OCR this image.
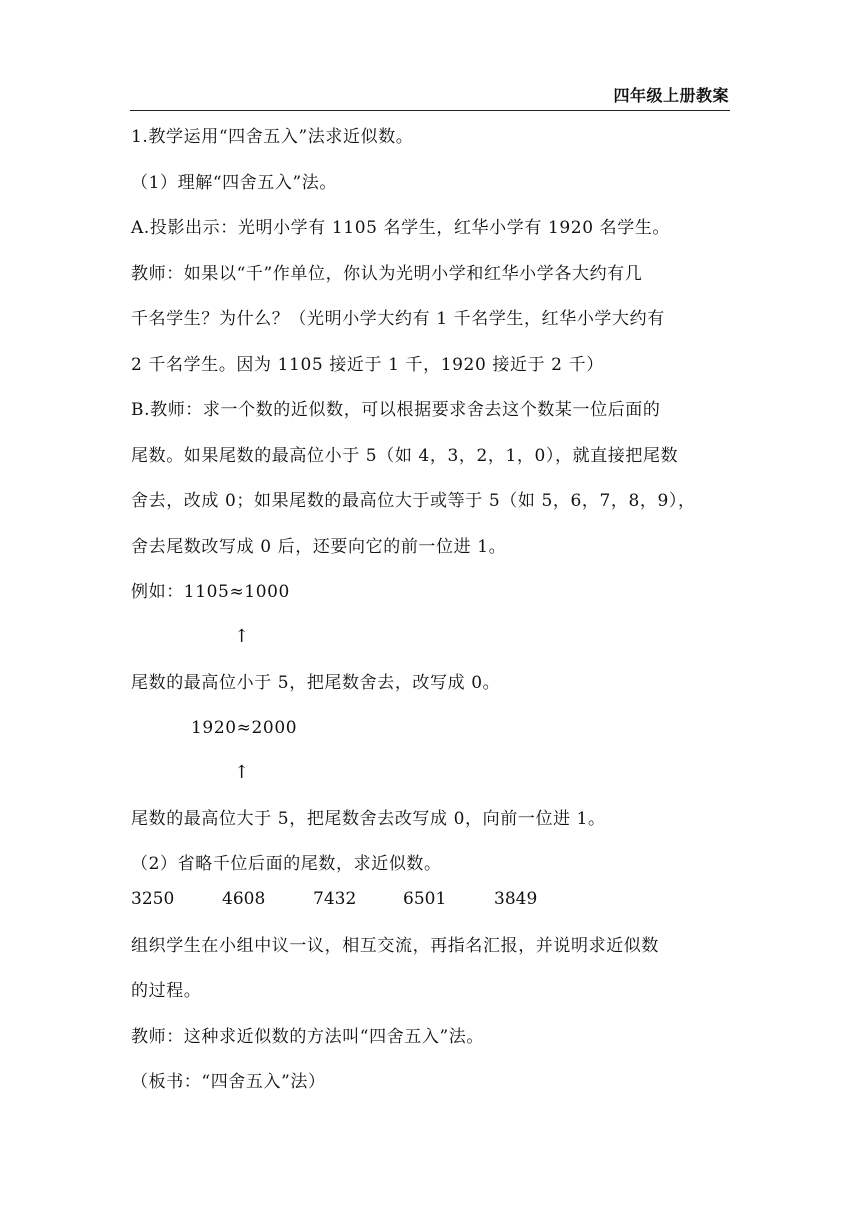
四年级上册教案
1.教学运用“四舍五入”法求近似数。
（1）理解“四舍五入”法。
A.投影出示：光明小学有 1105 名学生，红华小学有 1920 名学生。
教师：如果以“千”作单位，你认为光明小学和红华小学各大约有几
千名学生？为什么？（光明小学大约有 1 千名学生，红华小学大约有
2 千名学生。因为 1105 接近于 1 千，1920 接近于 2 千）
B.教师：求一个数的近似数，可以根据要求舍去这个数某一位后面的
尾数。如果尾数的最高位小于 5（如 4，3，2，1，0），就直接把尾数
舍去，改成 0；如果尾数的最高位大于或等于 5（如 5，6，7，8，9），
舍去尾数改写成 0 后，还要向它的前一位进 1。
例如：1105≈1000
↑
尾数的最高位小于 5，把尾数舍去，改写成 0。
1920≈2000
↑
尾数的最高位大于 5，把尾数舍去改写成 0，向前一位进 1。
（2）省略千位后面的尾数，求近似数。
3250	4608	7432	6501	3849
组织学生在小组中议一议，相互交流，再指名汇报，并说明求近似数
的过程。
教师：这种求近似数的方法叫“四舍五入”法。
（板书：“四舍五入”法）
